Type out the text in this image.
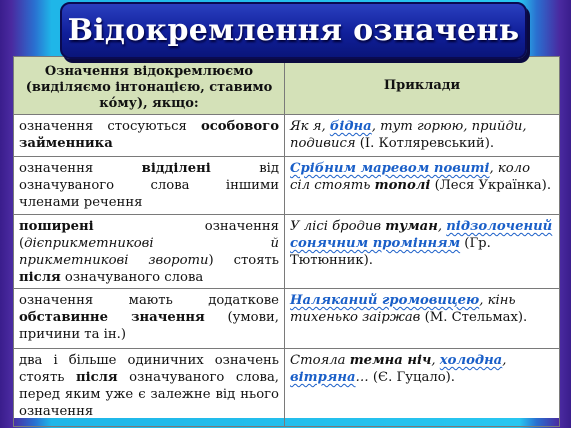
Відокремлення означень
Означення відокремлюємо (виділяємо інтонацією, ставимо ко́му), якщо:	Приклади
означення стосуються особового займенника	Як я, бідна, тут горюю, прийди, подивися (І. Котляревський).
означення відділені від означуваного слова іншими членами речення	Срібним маревом повиті, коло сіл стоять тополі (Леся Українка).
поширені означення (дієприкметникові й прикметникові звороти) стоять після означуваного слова	У лісі бродив туман, підзолочений сонячним промінням (Гр. Тютюнник).
означення мають додаткове обставинне значення (умови, причини та ін.)	Наляканий громовицею, кінь тихенько заіржав (М. Стельмах).
два і більше одиничних означень стоять після означуваного слова, перед яким уже є залежне від нього означення	Стояла темна ніч, холодна, вітряна… (Є. Гуцало).
